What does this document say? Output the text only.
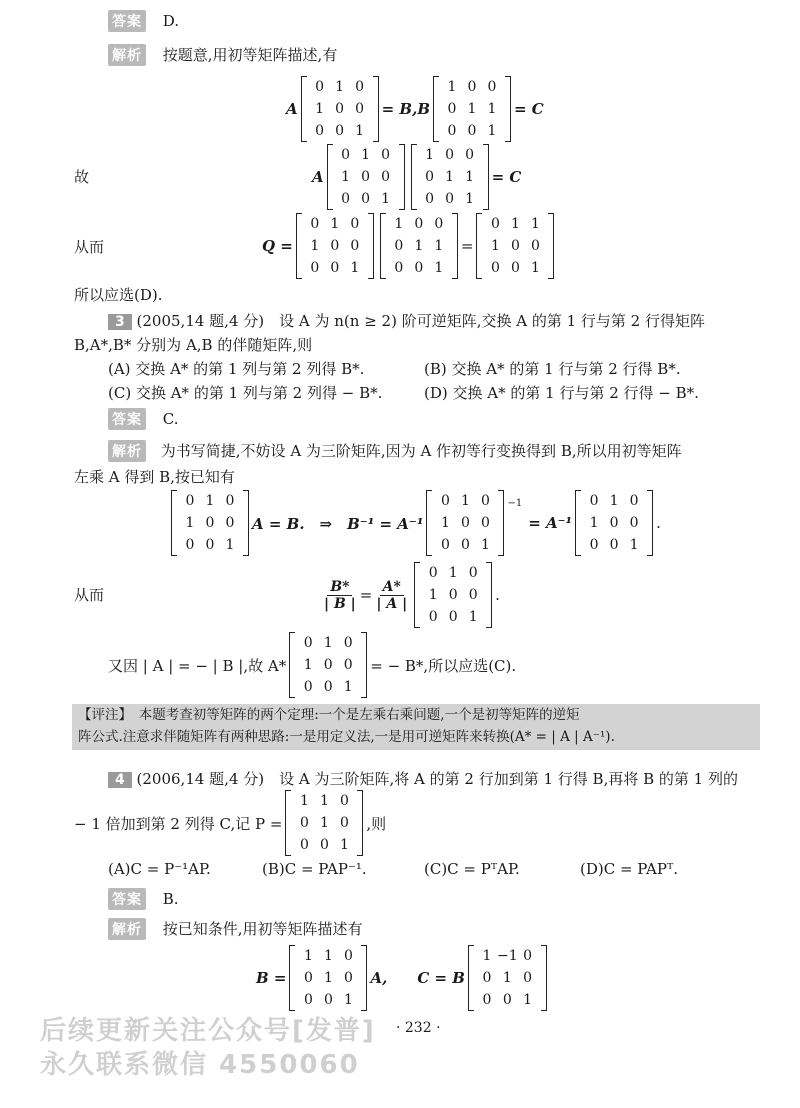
答案 D.
解析 按题意,用初等矩阵描述,有
A
0	1	0
1	0	0
0	0	1
= B,B
1	0	0
0	1	1
0	0	1
= C
故	A
0	1	0
1	0	0
0	0	1
1	0	0
0	1	1
0	0	1
= C
从而	Q =
0	1	0
1	0	0
0	0	1
1	0	0
0	1	1
0	0	1
=
0	1	1
1	0	0
0	0	1
所以应选(D).
3 (2005,14 题,4 分)　设 A 为 n(n ≥ 2) 阶可逆矩阵,交换 A 的第 1 行与第 2 行得矩阵
B,A*,B* 分别为 A,B 的伴随矩阵,则
(A) 交换 A* 的第 1 列与第 2 列得 B*.	(B) 交换 A* 的第 1 行与第 2 行得 B*.
(C) 交换 A* 的第 1 列与第 2 列得 − B*.	(D) 交换 A* 的第 1 行与第 2 行得 − B*.
答案 C.
解析 为书写简捷,不妨设 A 为三阶矩阵,因为 A 作初等行变换得到 B,所以用初等矩阵
左乘 A 得到 B,按已知有
0	1	0
1	0	0
0	0	1
A = B.　⇒　B⁻¹ = A⁻¹
0	1	0
1	0	0
0	0	1
−1
= A⁻¹
0	1	0
1	0	0
0	0	1
.
从而	$\frac{B*}{| B |} = \frac{A*}{| A |}$
0	1	0
1	0	0
0	0	1
.
又因 | A | = − | B |,故 A*
0	1	0
1	0	0
0	0	1
= − B*,所以应选(C).
【评注】　本题考查初等矩阵的两个定理:一个是左乘右乘问题,一个是初等矩阵的逆矩
阵公式.注意求伴随矩阵有两种思路:一是用定义法,一是用可逆矩阵来转换(A* = | A | A⁻¹).
4 (2006,14 题,4 分)　设 A 为三阶矩阵,将 A 的第 2 行加到第 1 行得 B,再将 B 的第 1 列的
− 1 倍加到第 2 列得 C,记 P =
1	1	0
0	1	0
0	0	1
,则
(A)C = P⁻¹AP.	(B)C = PAP⁻¹.	(C)C = PᵀAP.	(D)C = PAPᵀ.
答案 B.
解析 按已知条件,用初等矩阵描述有
B =
1	1	0
0	1	0
0	0	1
A, C = B
1	−1	0
0	1	0
0	0	1
· 232 ·
后续更新关注公众号[发普]
永久联系微信 4550060
